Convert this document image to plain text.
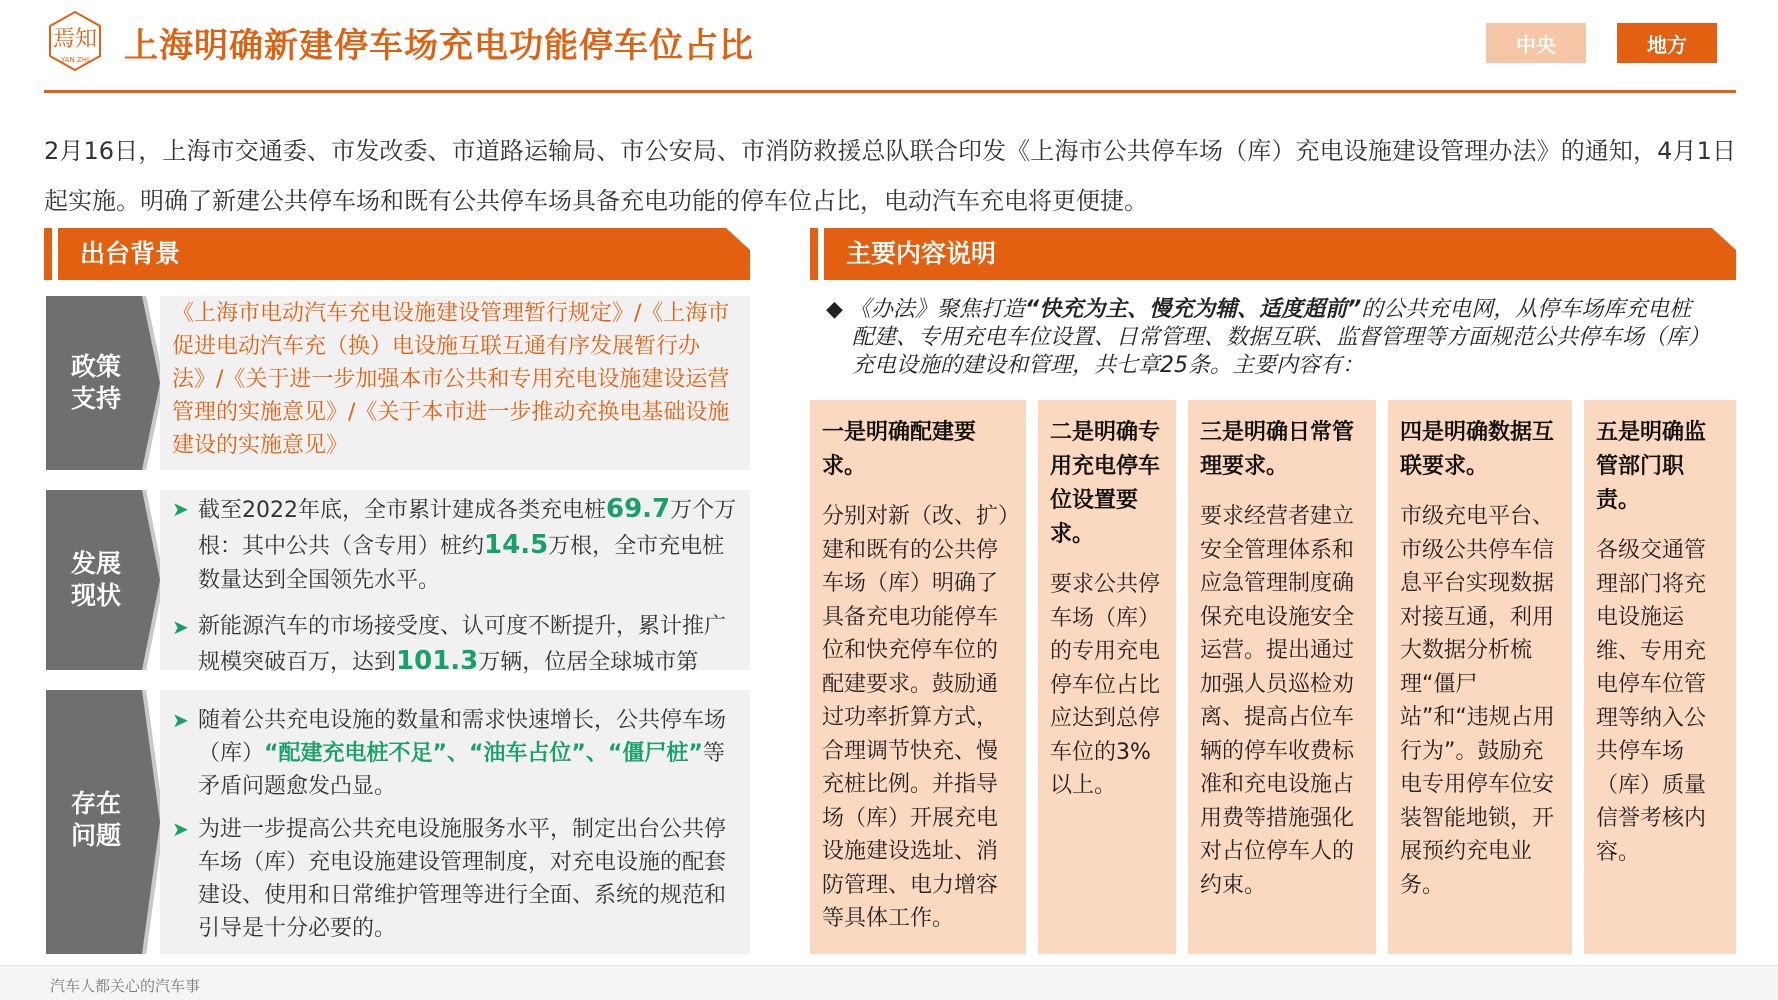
焉知
YAN ZHI 上海明确新建停车场充电功能停车位占比	中央	地方
2月16日，上海市交通委、市发改委、市道路运输局、市公安局、市消防救援总队联合印发《上海市公共停车场（库）充电设施建设管理办法》的通知，4月1日起实施。明确了新建公共停车场和既有公共停车场具备充电功能的停车位占比，电动汽车充电将更便捷。
出台背景	主要内容说明
政策
支持
《上海市电动汽车充电设施建设管理暂行规定》/《上海市促进电动汽车充（换）电设施互联互通有序发展暂行办法》/《关于进一步加强本市公共和专用充电设施建设运营管理的实施意见》/《关于本市进一步推动充换电基础设施建设的实施意见》
发展
现状
➤ 截至2022年底，全市累计建成各类充电桩69.7万个万根：其中公共（含专用）桩约14.5万根，全市充电桩数量达到全国领先水平。
➤ 新能源汽车的市场接受度、认可度不断提升，累计推广规模突破百万，达到101.3万辆，位居全球城市第
存在
问题
➤ 随着公共充电设施的数量和需求快速增长，公共停车场（库）“配建充电桩不足”、“油车占位”、“僵尸桩”等矛盾问题愈发凸显。
➤ 为进一步提高公共充电设施服务水平，制定出台公共停车场（库）充电设施建设管理制度，对充电设施的配套建设、使用和日常维护管理等进行全面、系统的规范和引导是十分必要的。
◆ 《办法》聚焦打造“快充为主、慢充为辅、适度超前”的公共充电网，从停车场库充电桩
配建、专用充电车位设置、日常管理、数据互联、监督管理等方面规范公共停车场（库）
充电设施的建设和管理，共七章25条。主要内容有：
一是明确配建要求。
分别对新（改、扩）建和既有的公共停车场（库）明确了具备充电功能停车位和快充停车位的配建要求。鼓励通过功率折算方式，合理调节快充、慢充桩比例。并指导场（库）开展充电设施建设选址、消防管理、电力增容等具体工作。
二是明确专用充电停车位设置要求。
要求公共停车场（库）的专用充电停车位占比应达到总停车位的3%以上。
三是明确日常管理要求。
要求经营者建立安全管理体系和应急管理制度确保充电设施安全运营。提出通过加强人员巡检劝离、提高占位车辆的停车收费标准和充电设施占用费等措施强化对占位停车人的约束。
四是明确数据互联要求。
市级充电平台、市级公共停车信息平台实现数据对接互通，利用大数据分析梳理“僵尸站”和“违规占用行为”。鼓励充电专用停车位安装智能地锁，开展预约充电业务。
五是明确监管部门职责。
各级交通管理部门将充电设施运维、专用充电停车位管理等纳入公共停车场（库）质量信誉考核内容。
汽车人都关心的汽车事
